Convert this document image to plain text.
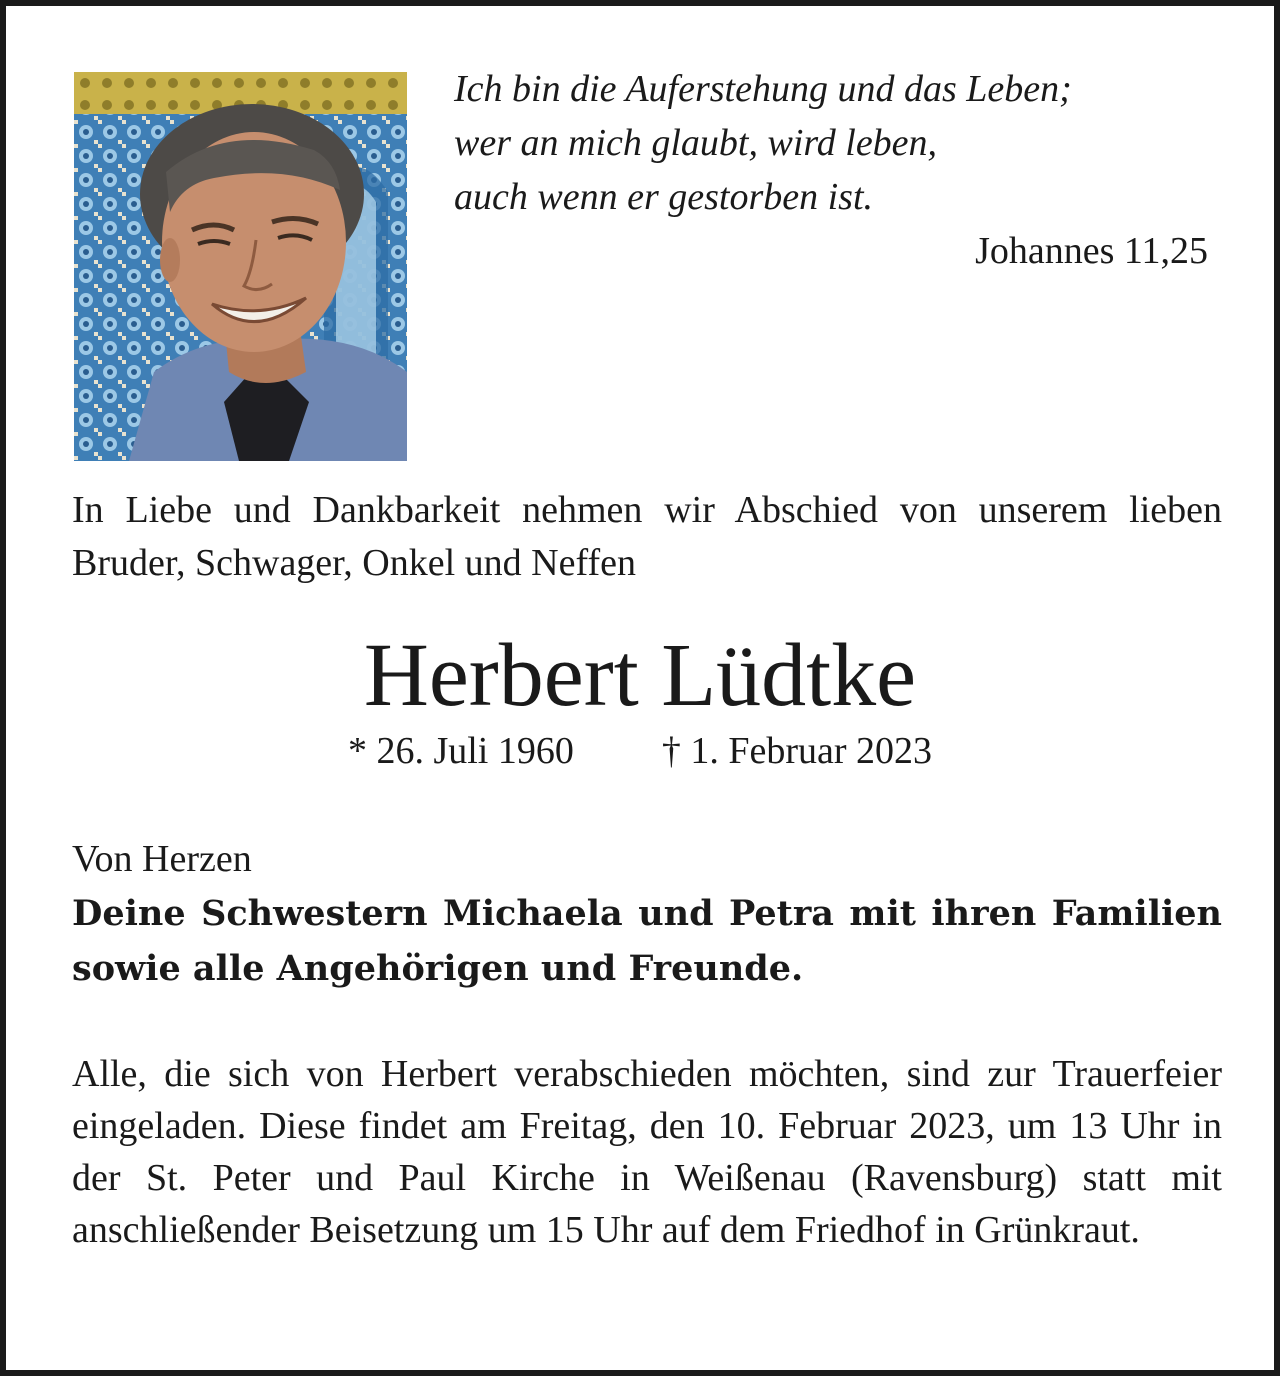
Ich bin die Auferstehung und das Leben;
wer an mich glaubt, wird leben,
auch wenn er gestorben ist.
Johannes 11,25
In Liebe und Dankbarkeit nehmen wir Abschied von unserem lieben Bruder, Schwager, Onkel und Neffen
Herbert Lüdtke
* 26. Juli 1960 † 1. Februar 2023
Von Herzen
Deine Schwestern Michaela und Petra mit ihren Familien sowie alle Angehörigen und Freunde.
Alle, die sich von Herbert verabschieden möchten, sind zur Trauerfeier eingeladen. Diese findet am Freitag, den 10. Februar 2023, um 13 Uhr in der St. Peter und Paul Kirche in Weißenau (Ravensburg) statt mit anschließender Beisetzung um 15 Uhr auf dem Friedhof in Grünkraut.
